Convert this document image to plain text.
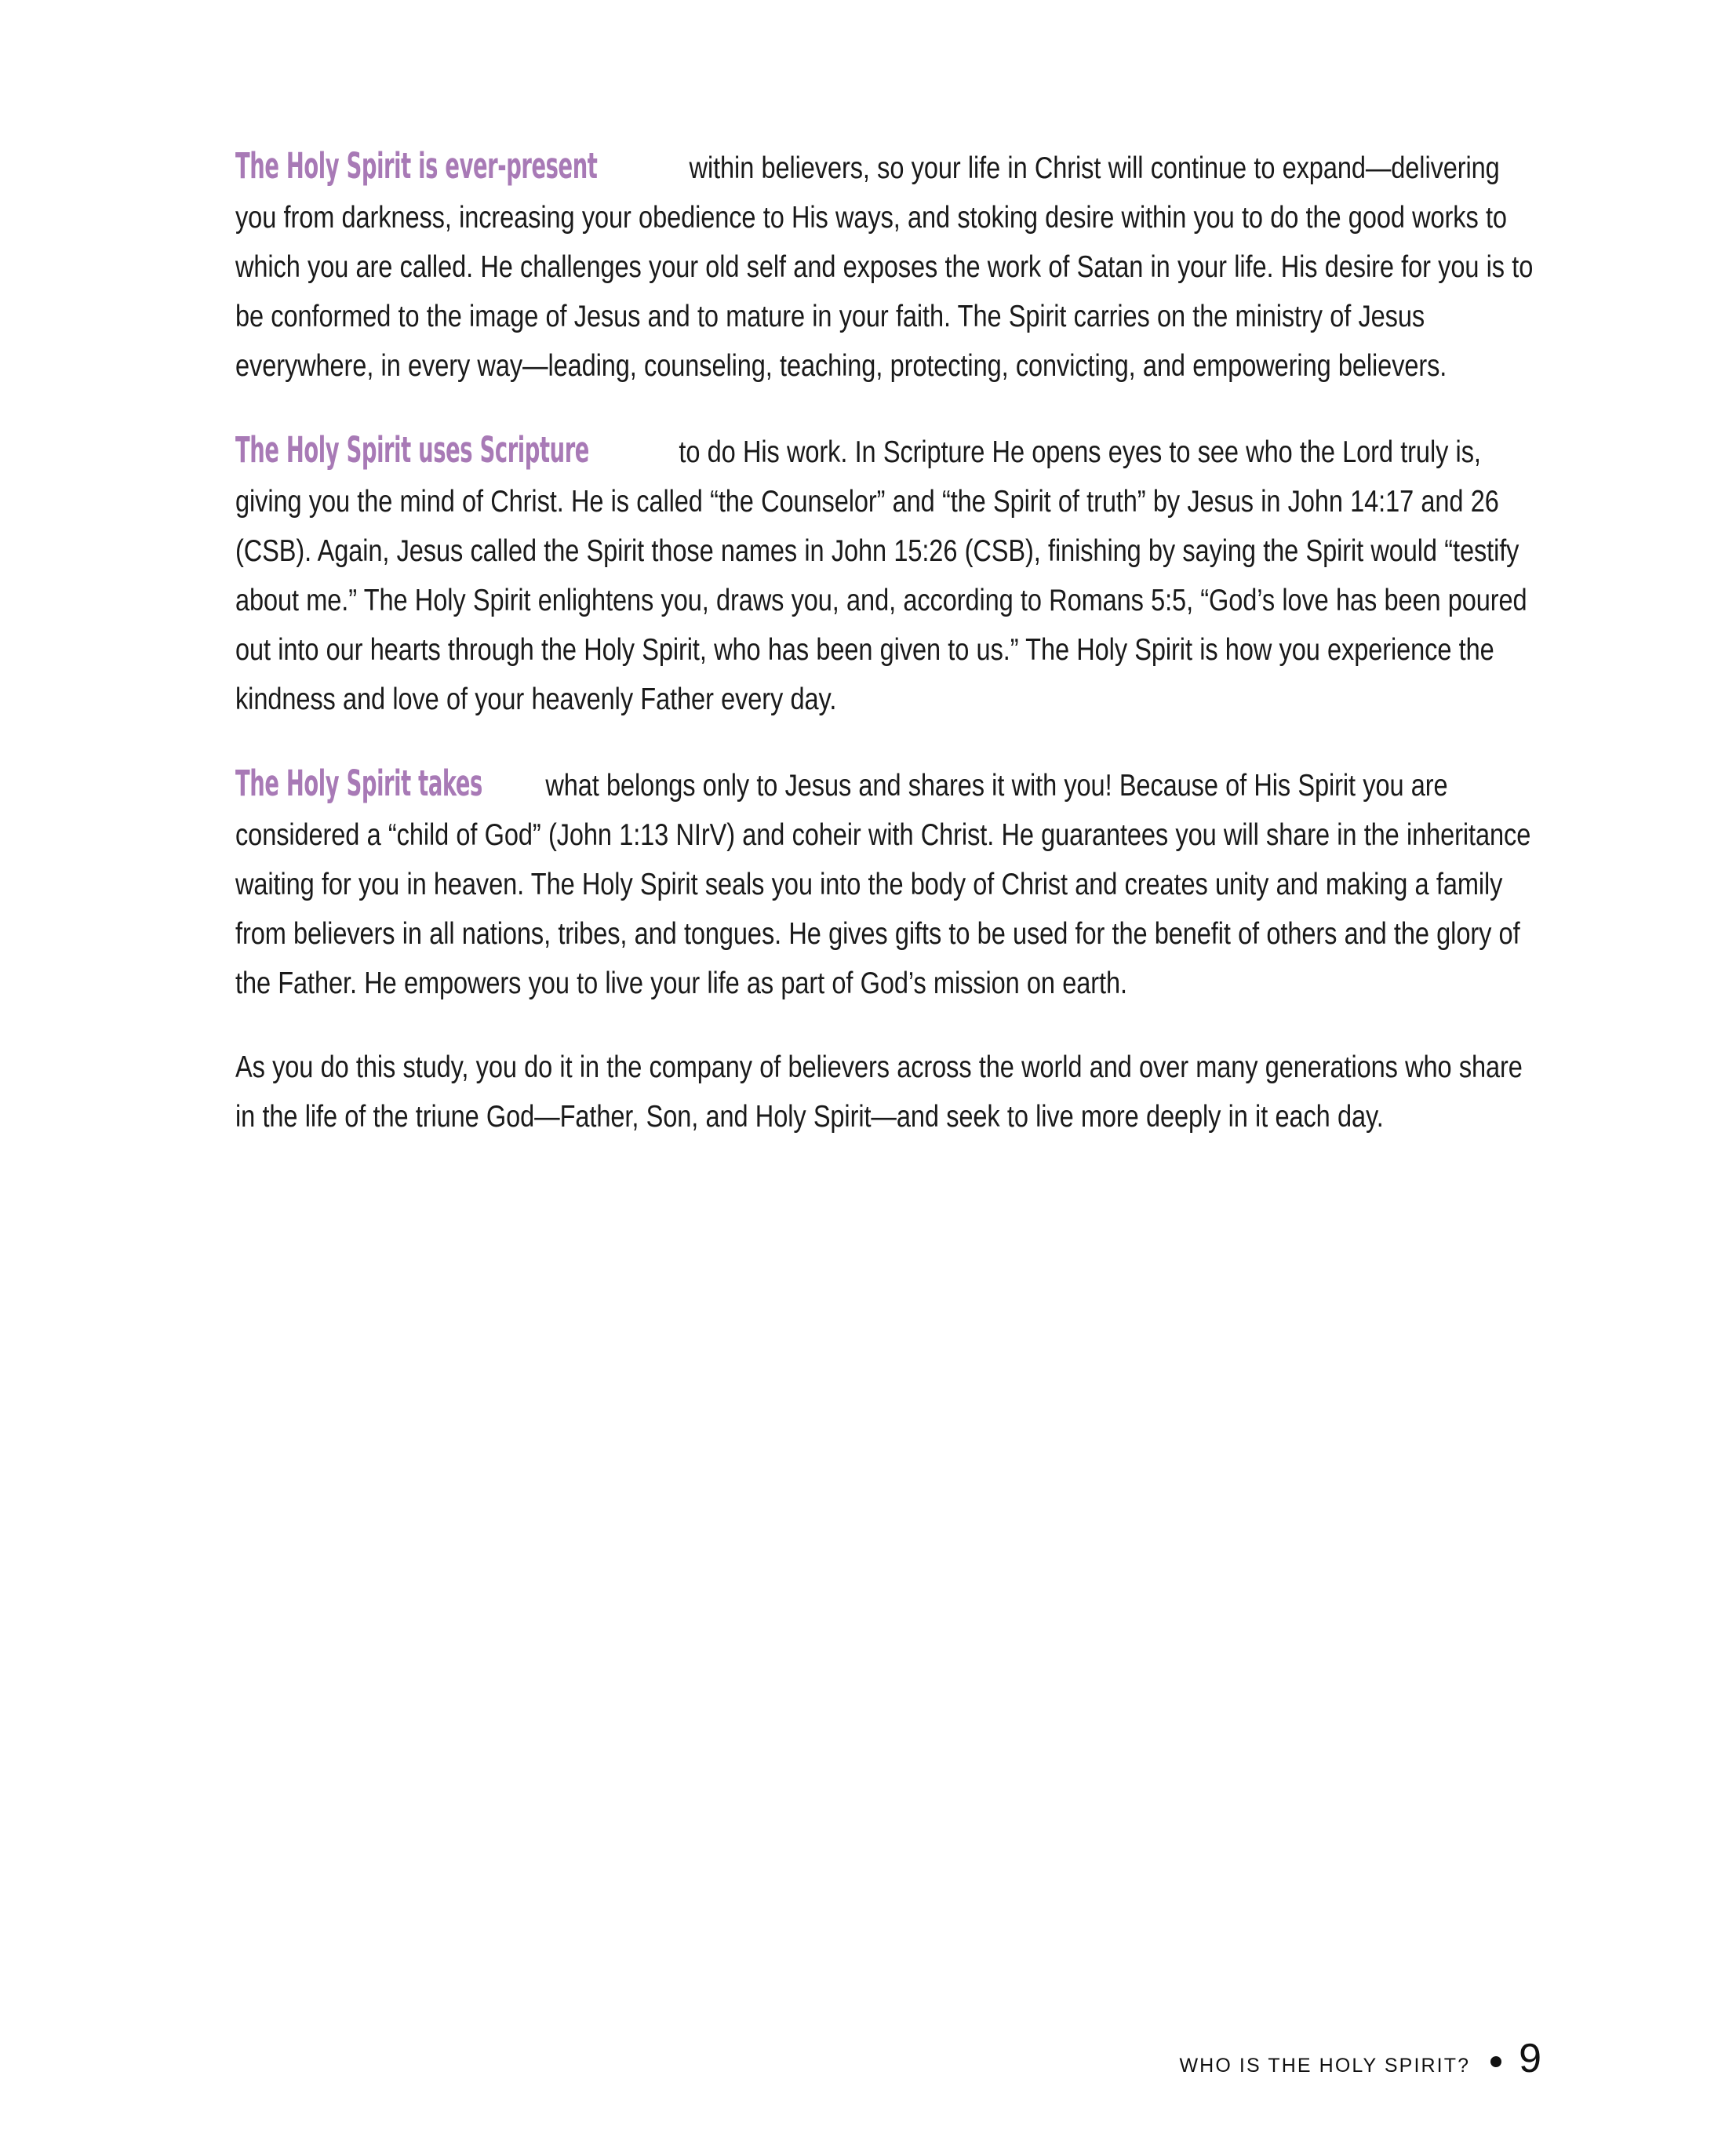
The Holy Spirit is ever-present	within believers, so your life in Christ will continue to expand—delivering you from darkness, increasing your obedience to His ways, and stoking desire within you to do the good works to which you are called. He challenges your old self and exposes the work of Satan in your life. His desire for you is to be conformed to the image of Jesus and to mature in your faith. The Spirit carries on the ministry of Jesus everywhere, in every way—leading, counseling, teaching, protecting, convicting, and empowering believers.

The Holy Spirit uses Scripture	to do His work. In Scripture He opens eyes to see who the Lord truly is, giving you the mind of Christ. He is called “the Counselor” and “the Spirit of truth” by Jesus in John 14:17 and 26 (CSB). Again, Jesus called the Spirit those names in John 15:26 (CSB), finishing by saying the Spirit would “testify about me.” The Holy Spirit enlightens you, draws you, and, according to Romans 5:5, “God’s love has been poured out into our hearts through the Holy Spirit, who has been given to us.” The Holy Spirit is how you experience the kindness and love of your heavenly Father every day.

The Holy Spirit takes what belongs only to Jesus and shares it with you! Because of His Spirit you are considered a “child of God” (John 1:13 NIrV) and coheir with Christ. He guarantees you will share in the inheritance waiting for you in heaven. The Holy Spirit seals you into the body of Christ and creates unity and making a family from believers in all nations, tribes, and tongues. He gives gifts to be used for the benefit of others and the glory of the Father. He empowers you to live your life as part of God’s mission on earth.

As you do this study, you do it in the company of believers across the world and over many generations who share in the life of the triune God—Father, Son, and Holy Spirit—and seek to live more deeply in it each day.

WHO IS THE HOLY SPIRIT? 9
